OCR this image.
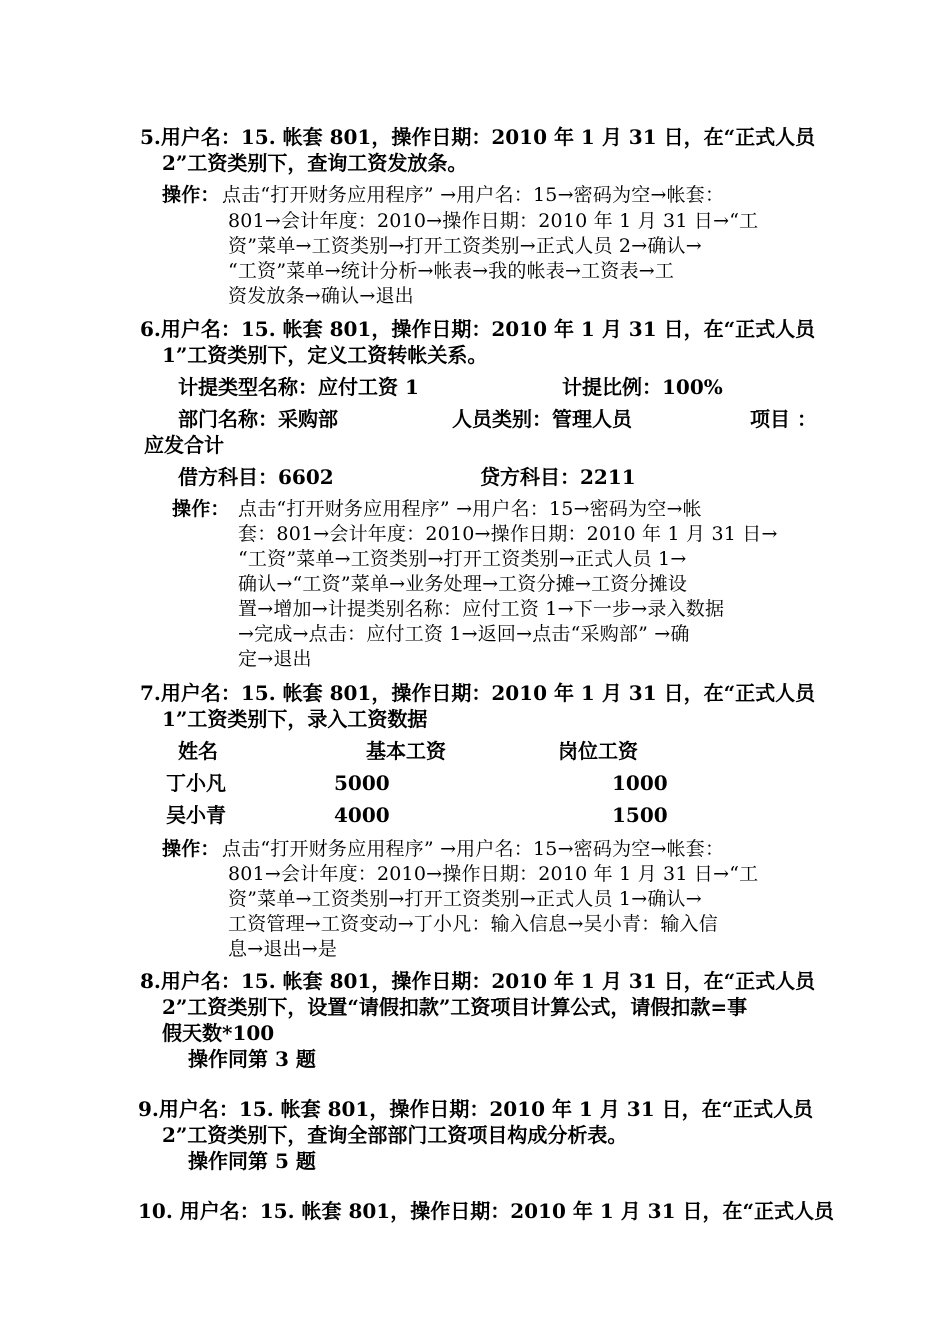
5.用户名：15. 帐套 801，操作日期：2010 年 1 月 31 日，在“正式人员
2”工资类别下，查询工资发放条。
操作： 点击“打开财务应用程序” →用户名：15→密码为空→帐套：
801→会计年度：2010→操作日期：2010 年 1 月 31 日→“工
资”菜单→工资类别→打开工资类别→正式人员 2→确认→
“工资”菜单→统计分析→帐表→我的帐表→工资表→工
资发放条→确认→退出
6.用户名：15. 帐套 801，操作日期：2010 年 1 月 31 日，在“正式人员
1”工资类别下，定义工资转帐关系。
计提类型名称：应付工资 1	计提比例：100%
部门名称：采购部	人员类别：管理人员	项目 ：
应发合计
借方科目：6602	贷方科目：2211
操作： 点击“打开财务应用程序” →用户名：15→密码为空→帐
套：801→会计年度：2010→操作日期：2010 年 1 月 31 日→
“工资”菜单→工资类别→打开工资类别→正式人员 1→
确认→“工资”菜单→业务处理→工资分摊→工资分摊设
置→增加→计提类别名称：应付工资 1→下一步→录入数据
→完成→点击：应付工资 1→返回→点击“采购部” →确
定→退出
7.用户名：15. 帐套 801，操作日期：2010 年 1 月 31 日，在“正式人员
1”工资类别下，录入工资数据
姓名	基本工资	岗位工资
丁小凡	5000	1000
吴小青	4000	1500
操作： 点击“打开财务应用程序” →用户名：15→密码为空→帐套：
801→会计年度：2010→操作日期：2010 年 1 月 31 日→“工
资”菜单→工资类别→打开工资类别→正式人员 1→确认→
工资管理→工资变动→丁小凡：输入信息→吴小青：输入信
息→退出→是
8.用户名：15. 帐套 801，操作日期：2010 年 1 月 31 日，在“正式人员
2”工资类别下，设置“请假扣款”工资项目计算公式，请假扣款=事
假天数*100
操作同第 3 题
9.用户名：15. 帐套 801，操作日期：2010 年 1 月 31 日，在“正式人员
2”工资类别下，查询全部部门工资项目构成分析表。
操作同第 5 题
10. 用户名：15. 帐套 801，操作日期：2010 年 1 月 31 日，在“正式人员
